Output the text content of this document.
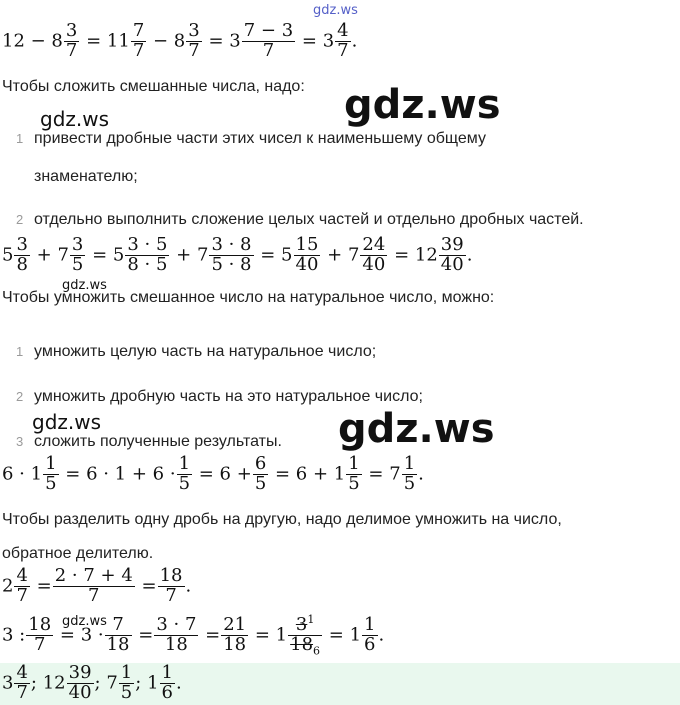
gdz.ws
$12 - 8 \frac{3}{7} = 11 \frac{7}{7} - 8 \frac{3}{7} = 3 \frac{7 - 3}{7} = 3 \frac{4}{7}$ .
Чтобы сложить смешанные числа, надо: gdz.ws
gdz.ws
1 привести дробные части этих чисел к наименьшему общему
знаменателю;
2 отдельно выполнить сложение целых частей и отдельно дробных частей.
$5 \frac{3}{8} + 7 \frac{3}{5} = 5 \frac{3 \cdot 5}{8 \cdot 5} + 7 \frac{3 \cdot 8}{5 \cdot 8} = 5 \frac{15}{40} + 7 \frac{24}{40} = 12 \frac{39}{40}$ .
gdz.ws
Чтобы умножить смешанное число на натуральное число, можно:
1 умножить целую часть на натуральное число;
2 умножить дробную часть на это натуральное число;
gdz.ws	gdz.ws
3 сложить полученные результаты.
$6 \cdot 1 \frac{1}{5} = 6 \cdot 1 + 6 \cdot \frac{1}{5} = 6 + \frac{6}{5} = 6 + 1 \frac{1}{5} = 7 \frac{1}{5}$ .
Чтобы разделить одну дробь на другую, надо делимое умножить на число,
обратное делителю.
$2 \frac{4}{7} = \frac{2 \cdot 7 + 4}{7} = \frac{18}{7}$ .
gdz.ws
3 : $\frac{18}{7} = 3 \cdot \frac{7}{18} = \frac{3 \cdot 7}{18} = \frac{21}{18} = 1 \frac{3^1}{18_6} = 1 \frac{1}{6}$ .
$3 \frac{4}{7}$ ; $12 \frac{39}{40}$ ; $7 \frac{1}{5}$ ; $1 \frac{1}{6}$ .
